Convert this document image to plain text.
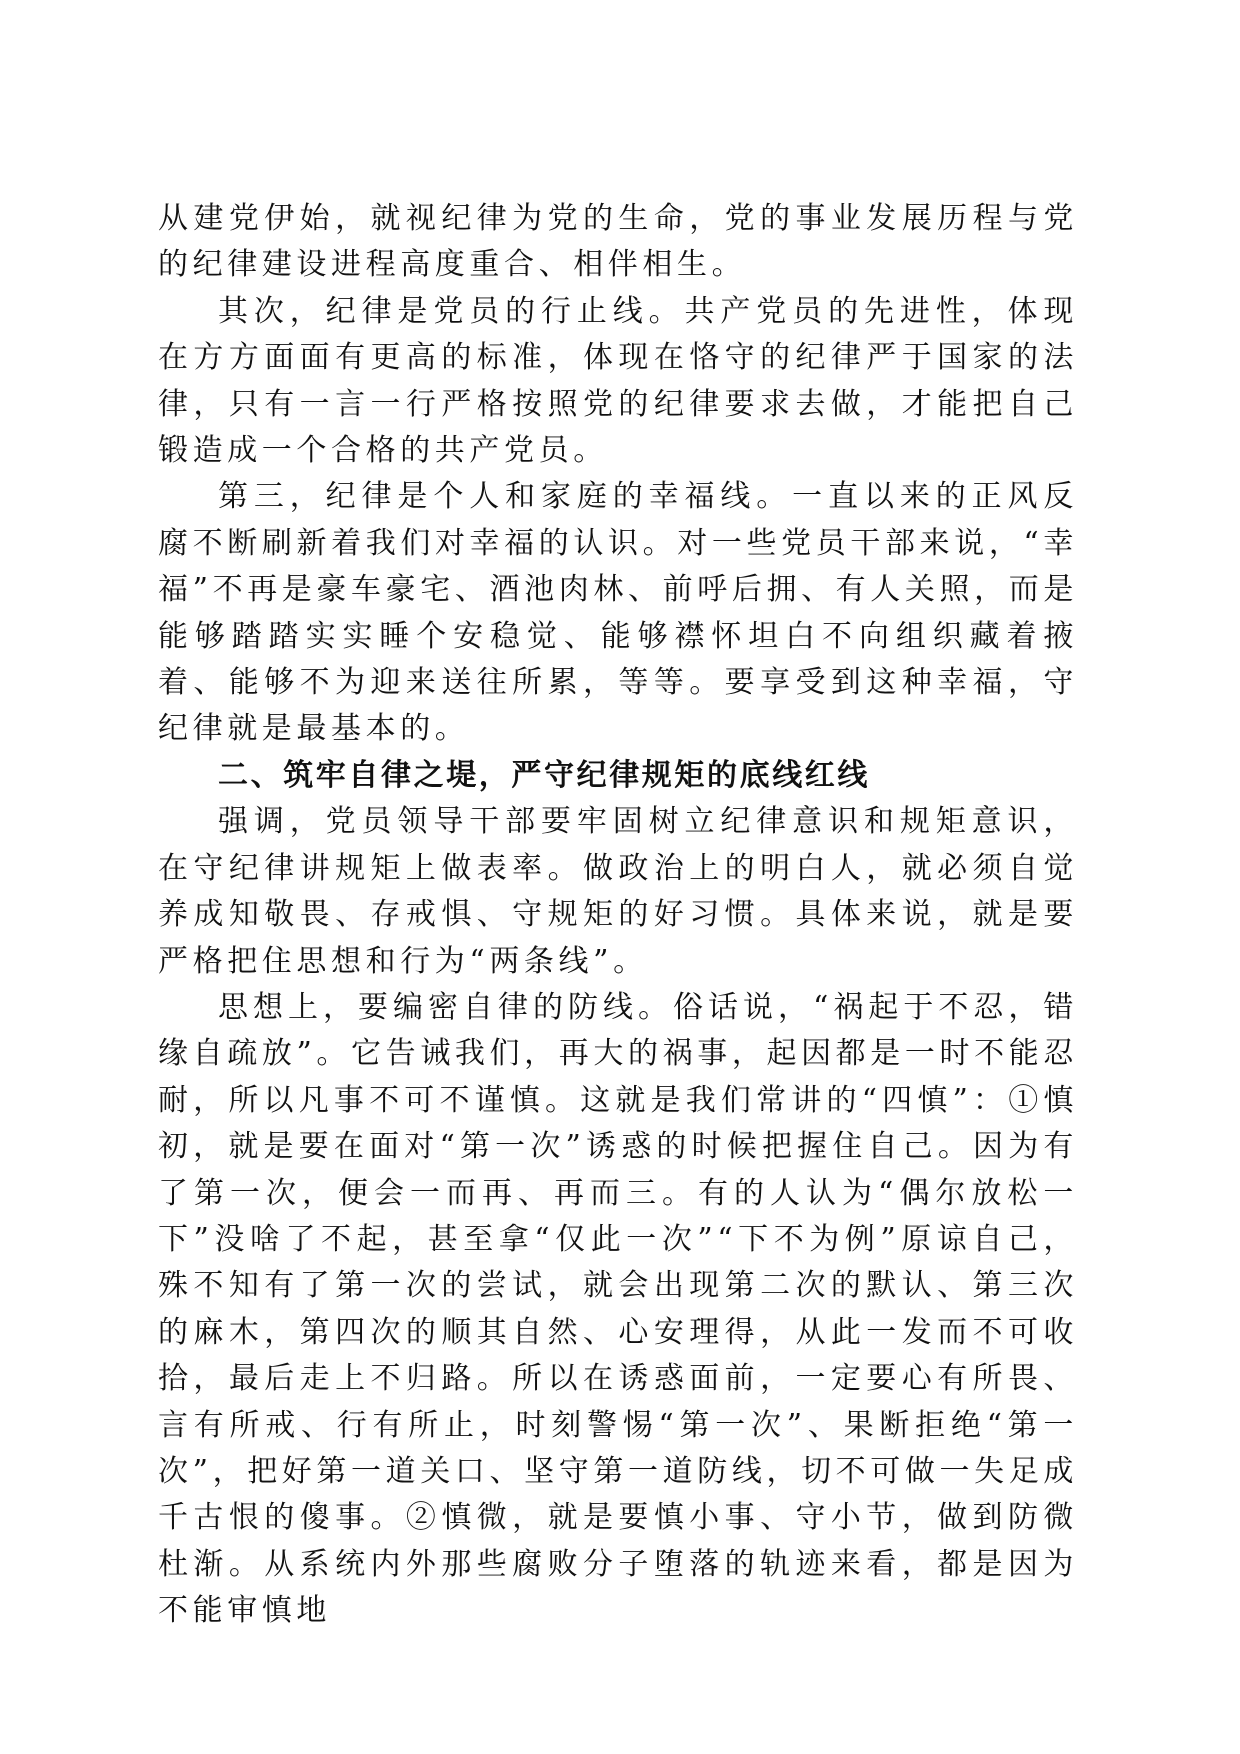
从建党伊始，就视纪律为党的生命，党的事业发展历程与党的纪律建设进程高度重合、相伴相生。

其次，纪律是党员的行止线。共产党员的先进性，体现在方方面面有更高的标准，体现在恪守的纪律严于国家的法律，只有一言一行严格按照党的纪律要求去做，才能把自己锻造成一个合格的共产党员。

第三，纪律是个人和家庭的幸福线。一直以来的正风反腐不断刷新着我们对幸福的认识。对一些党员干部来说，“幸福”不再是豪车豪宅、酒池肉林、前呼后拥、有人关照，而是能够踏踏实实睡个安稳觉、能够襟怀坦白不向组织藏着掖着、能够不为迎来送往所累，等等。要享受到这种幸福，守纪律就是最基本的。

二、筑牢自律之堤，严守纪律规矩的底线红线

强调，党员领导干部要牢固树立纪律意识和规矩意识，在守纪律讲规矩上做表率。做政治上的明白人，就必须自觉养成知敬畏、存戒惧、守规矩的好习惯。具体来说，就是要严格把住思想和行为“两条线”。

思想上，要编密自律的防线。俗话说，“祸起于不忍，错缘自疏放”。它告诫我们，再大的祸事，起因都是一时不能忍耐，所以凡事不可不谨慎。这就是我们常讲的“四慎”：①慎初，就是要在面对“第一次”诱惑的时候把握住自己。因为有了第一次，便会一而再、再而三。有的人认为“偶尔放松一下”没啥了不起，甚至拿“仅此一次”“下不为例”原谅自己，殊不知有了第一次的尝试，就会出现第二次的默认、第三次的麻木，第四次的顺其自然、心安理得，从此一发而不可收拾，最后走上不归路。所以在诱惑面前，一定要心有所畏、言有所戒、行有所止，时刻警惕“第一次”、果断拒绝“第一次”，把好第一道关口、坚守第一道防线，切不可做一失足成千古恨的傻事。②慎微，就是要慎小事、守小节，做到防微杜渐。从系统内外那些腐败分子堕落的轨迹来看，都是因为不能审慎地
